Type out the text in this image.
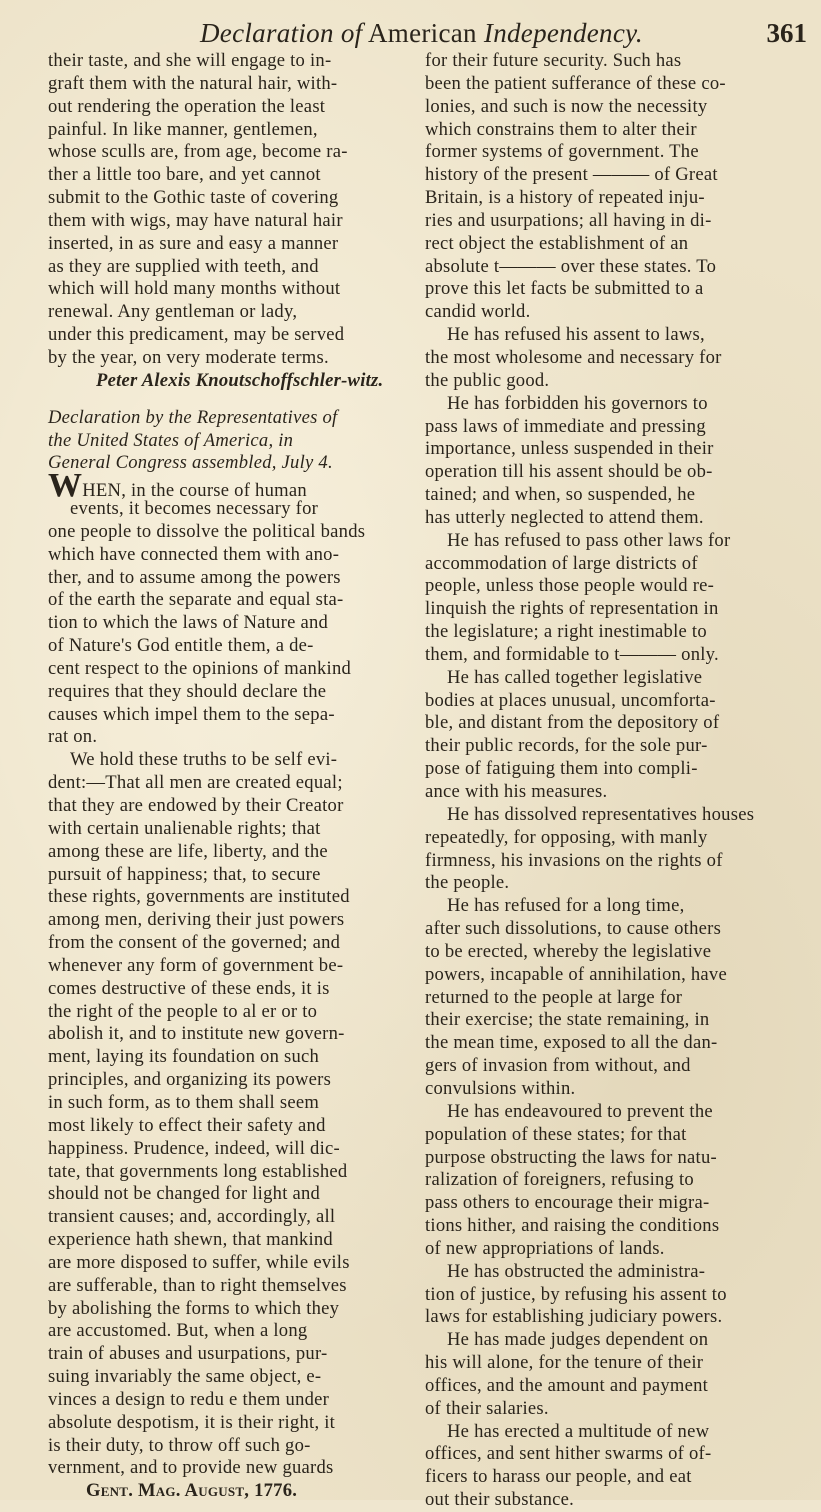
Declaration of American Independency.	361
their taste, and she will engage to in-
graft them with the natural hair, with-
out rendering the operation the least
painful. In like manner, gentlemen,
whose sculls are, from age, become ra-
ther a little too bare, and yet cannot
submit to the Gothic taste of covering
them with wigs, may have natural hair
inserted, in as sure and easy a manner
as they are supplied with teeth, and
which will hold many months without
renewal. Any gentleman or lady,
under this predicament, may be served
by the year, on very moderate terms.
Peter Alexis Knoutschoffschler-witz.
Declaration by the Representatives of
the United States of America, in
General Congress assembled, July 4.
WHEN, in the course of human
events, it becomes necessary for
one people to dissolve the political bands
which have connected them with ano-
ther, and to assume among the powers
of the earth the separate and equal sta-
tion to which the laws of Nature and
of Nature's God entitle them, a de-
cent respect to the opinions of mankind
requires that they should declare the
causes which impel them to the sepa-
rat on.
We hold these truths to be self evi-
dent:—That all men are created equal;
that they are endowed by their Creator
with certain unalienable rights; that
among these are life, liberty, and the
pursuit of happiness; that, to secure
these rights, governments are instituted
among men, deriving their just powers
from the consent of the governed; and
whenever any form of government be-
comes destructive of these ends, it is
the right of the people to al er or to
abolish it, and to institute new govern-
ment, laying its foundation on such
principles, and organizing its powers
in such form, as to them shall seem
most likely to effect their safety and
happiness. Prudence, indeed, will dic-
tate, that governments long established
should not be changed for light and
transient causes; and, accordingly, all
experience hath shewn, that mankind
are more disposed to suffer, while evils
are sufferable, than to right themselves
by abolishing the forms to which they
are accustomed. But, when a long
train of abuses and usurpations, pur-
suing invariably the same object, e-
vinces a design to redu e them under
absolute despotism, it is their right, it
is their duty, to throw off such go-
vernment, and to provide new guards
Gent. Mag. August, 1776.
for their future security. Such has
been the patient sufferance of these co-
lonies, and such is now the necessity
which constrains them to alter their
former systems of government. The
history of the present ——— of Great
Britain, is a history of repeated inju-
ries and usurpations; all having in di-
rect object the establishment of an
absolute t——— over these states. To
prove this let facts be submitted to a
candid world.
He has refused his assent to laws,
the most wholesome and necessary for
the public good.
He has forbidden his governors to
pass laws of immediate and pressing
importance, unless suspended in their
operation till his assent should be ob-
tained; and when, so suspended, he
has utterly neglected to attend them.
He has refused to pass other laws for
accommodation of large districts of
people, unless those people would re-
linquish the rights of representation in
the legislature; a right inestimable to
them, and formidable to t——— only.
He has called together legislative
bodies at places unusual, uncomforta-
ble, and distant from the depository of
their public records, for the sole pur-
pose of fatiguing them into compli-
ance with his measures.
He has dissolved representatives houses
repeatedly, for opposing, with manly
firmness, his invasions on the rights of
the people.
He has refused for a long time,
after such dissolutions, to cause others
to be erected, whereby the legislative
powers, incapable of annihilation, have
returned to the people at large for
their exercise; the state remaining, in
the mean time, exposed to all the dan-
gers of invasion from without, and
convulsions within.
He has endeavoured to prevent the
population of these states; for that
purpose obstructing the laws for natu-
ralization of foreigners, refusing to
pass others to encourage their migra-
tions hither, and raising the conditions
of new appropriations of lands.
He has obstructed the administra-
tion of justice, by refusing his assent to
laws for establishing judiciary powers.
He has made judges dependent on
his will alone, for the tenure of their
offices, and the amount and payment
of their salaries.
He has erected a multitude of new
offices, and sent hither swarms of of-
ficers to harass our people, and eat
out their substance.
